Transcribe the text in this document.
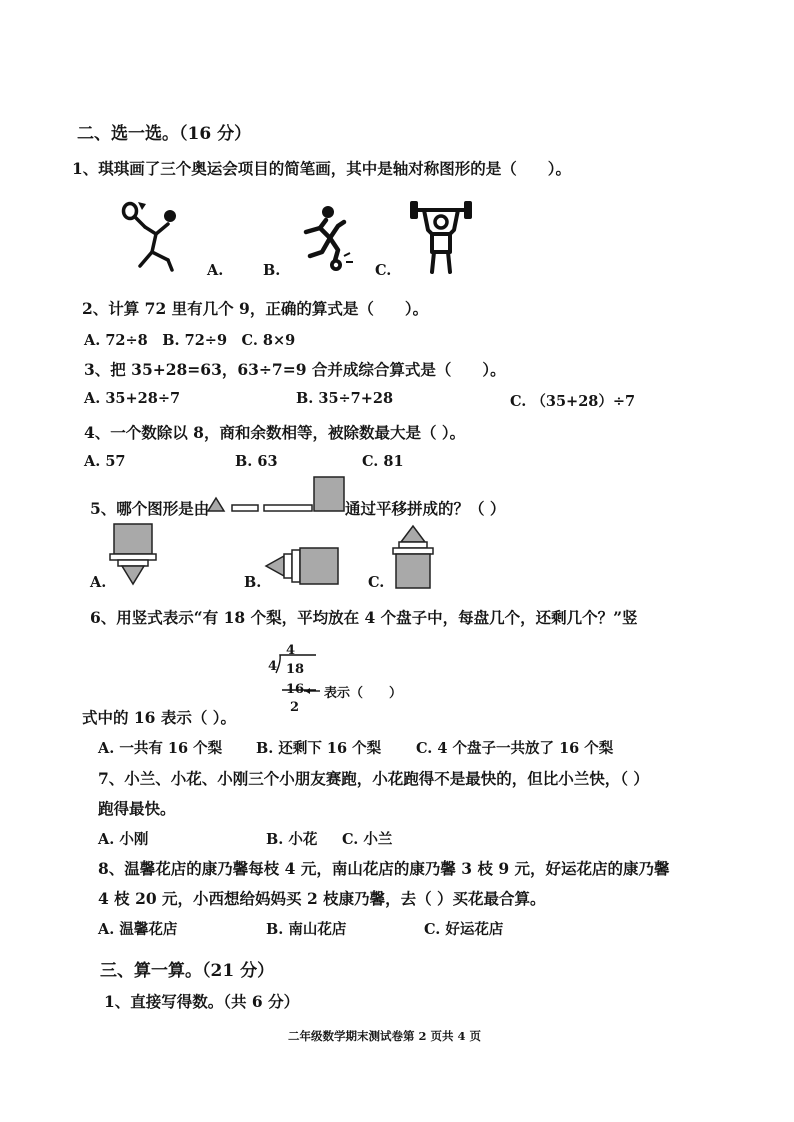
二、选一选。（16 分）
1、琪琪画了三个奥运会项目的简笔画，其中是轴对称图形的是（　　）。
A.	B.	C.
2、计算 72 里有几个 9，正确的算式是（　　）。
A. 72÷8　B. 72÷9　C. 8×9
3、把 35+28=63，63÷7=9 合并成综合算式是（　　）。
A. 35+28÷7	B. 35÷7+28	C. （35+28）÷7
4、一个数除以 8，商和余数相等，被除数最大是（ ）。
A. 57	B. 63	C. 81
5、哪个图形是由	通过平移拼成的？（ ）
A.	B.	C.
6、用竖式表示“有 18 个梨，平均放在 4 个盘子中，每盘几个，还剩几个？”竖
4
4 18
16 表示（　　）
2
式中的 16 表示（ ）。
A. 一共有 16 个梨 B. 还剩下 16 个梨 C. 4 个盘子一共放了 16 个梨
7、小兰、小花、小刚三个小朋友赛跑，小花跑得不是最快的，但比小兰快，（ ）
跑得最快。
A. 小刚	B. 小花 C. 小兰
8、温馨花店的康乃馨每枝 4 元，南山花店的康乃馨 3 枝 9 元，好运花店的康乃馨
4 枝 20 元，小西想给妈妈买 2 枝康乃馨，去（ ）买花最合算。
A. 温馨花店	B. 南山花店	C. 好运花店
三、算一算。（21 分）
1、直接写得数。（共 6 分）
二年级数学期末测试卷第 2 页共 4 页
